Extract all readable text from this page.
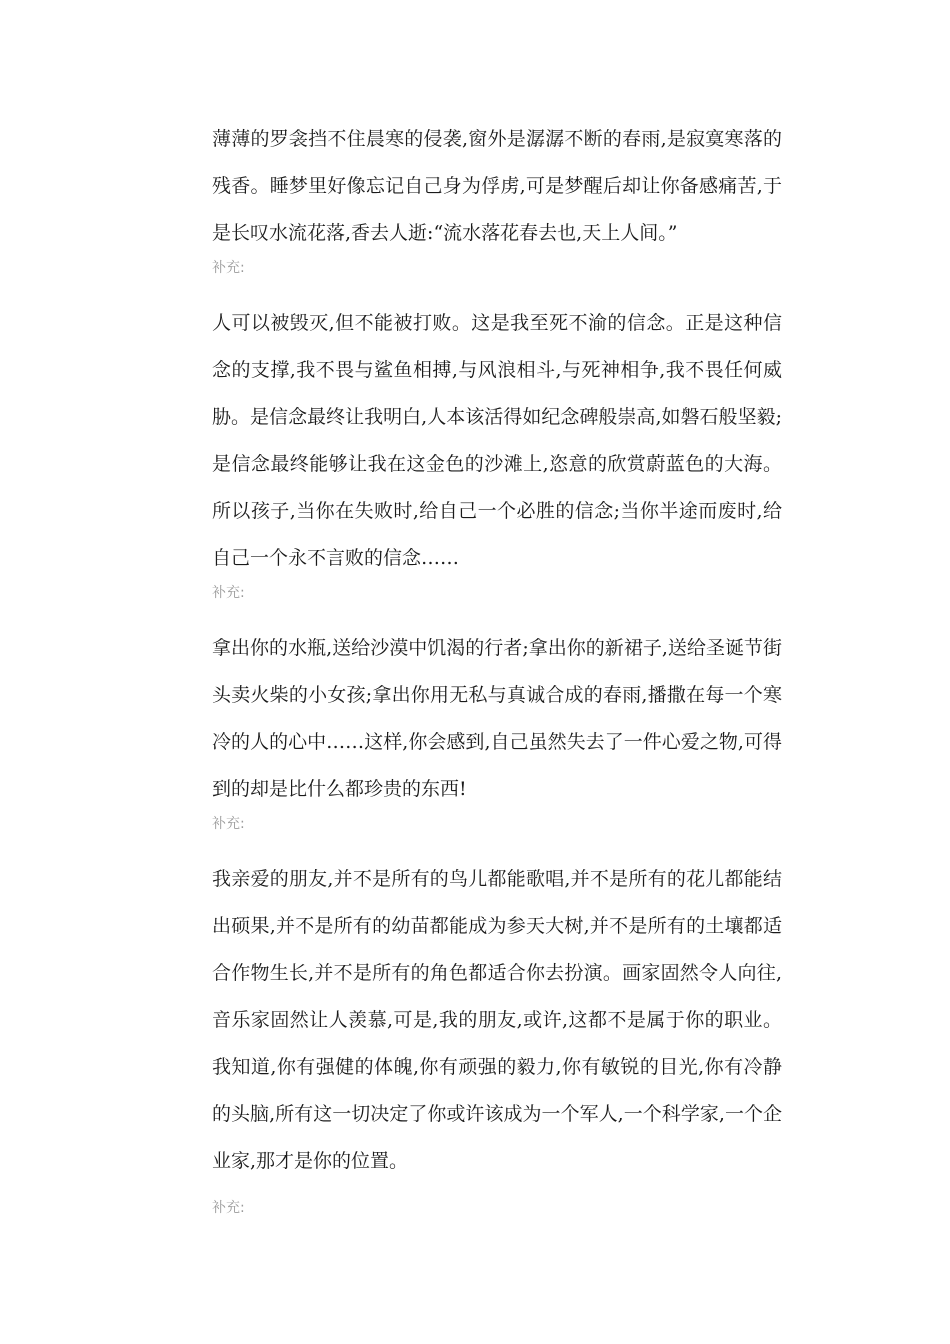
薄薄的罗衾挡不住晨寒的侵袭,窗外是潺潺不断的春雨,是寂寞寒落的残香。睡梦里好像忘记自己身为俘虏,可是梦醒后却让你备感痛苦,于是长叹水流花落,香去人逝:“流水落花春去也,天上人间。”

补充:

人可以被毁灭,但不能被打败。这是我至死不渝的信念。正是这种信念的支撑,我不畏与鲨鱼相搏,与风浪相斗,与死神相争,我不畏任何威胁。是信念最终让我明白,人本该活得如纪念碑般崇高,如磐石般坚毅;是信念最终能够让我在这金色的沙滩上,恣意的欣赏蔚蓝色的大海。所以孩子,当你在失败时,给自己一个必胜的信念;当你半途而废时,给自己一个永不言败的信念……

补充:

拿出你的水瓶,送给沙漠中饥渴的行者;拿出你的新裙子,送给圣诞节街头卖火柴的小女孩;拿出你用无私与真诚合成的春雨,播撒在每一个寒冷的人的心中……这样,你会感到,自己虽然失去了一件心爱之物,可得到的却是比什么都珍贵的东西!

补充:

我亲爱的朋友,并不是所有的鸟儿都能歌唱,并不是所有的花儿都能结出硕果,并不是所有的幼苗都能成为参天大树,并不是所有的土壤都适合作物生长,并不是所有的角色都适合你去扮演。画家固然令人向往,音乐家固然让人羡慕,可是,我的朋友,或许,这都不是属于你的职业。我知道,你有强健的体魄,你有顽强的毅力,你有敏锐的目光,你有冷静的头脑,所有这一切决定了你或许该成为一个军人,一个科学家,一个企业家,那才是你的位置。

补充:
